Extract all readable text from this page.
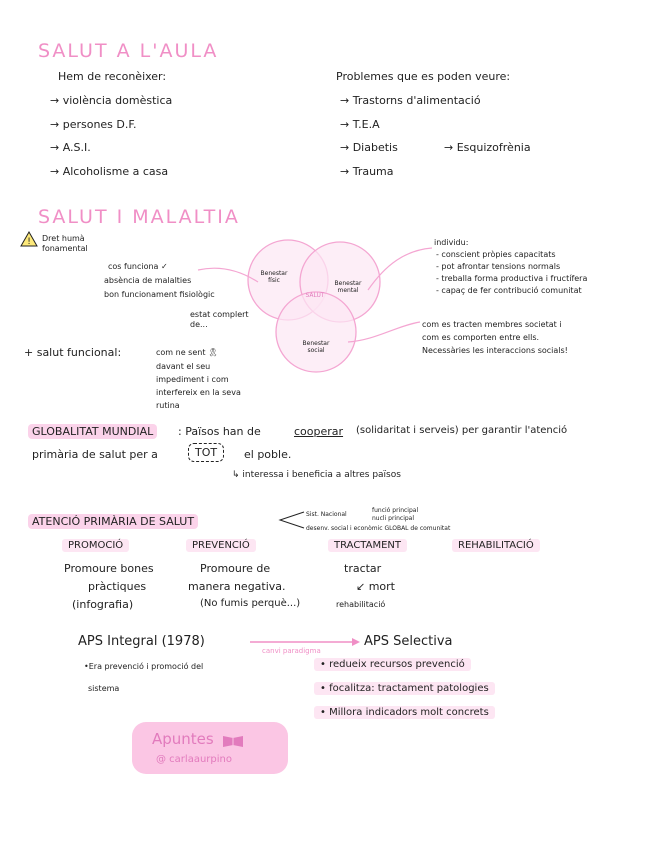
SALUT A L'AULA
Hem de reconèixer:
→ violència domèstica
→ persones D.F.
→ A.S.I.
→ Alcoholisme a casa
Problemes que es poden veure:
→ Trastorns d'alimentació
→ T.E.A
→ Diabetis	→ Esquizofrènia
→ Trauma
SALUT I MALALTIA
! Dret humà fonamental
Benestar físic	Benestar mental
Benestar social
SALUT
cos funciona ✓
absència de malalties
bon funcionament fisiològic
estat complert de...
individu:
- conscient pròpies capacitats
- pot afrontar tensions normals
- treballa forma productiva i fructífera
- capaç de fer contribució comunitat
com es tracten membres societat i
com es comporten entre ells.
Necessàries les interaccions socials!
+ salut funcional:	com ne sent 🎗
davant el seu
impediment i com
interfereix en la seva
rutina
GLOBALITAT MUNDIAL	: Països han de	cooperar (solidaritat i serveis) per garantir l'atenció
primària de salut per a	TOT	el poble.
↳ interessa i beneficia a altres països
ATENCIÓ PRIMÀRIA DE SALUT
Sist. Nacional
funció principal
nucli principal
desenv. social i econòmic GLOBAL de comunitat
PROMOCIÓ	PREVENCIÓ	TRACTAMENT	REHABILITACIÓ
Promoure bones
pràctiques
(infografia)
Promoure de
manera negativa.
(No fumis perquè...)
tractar
↙ mort
rehabilitació
APS Integral (1978)
canvi paradigma
APS Selectiva
•Era prevenció i promoció del
sistema
• redueix recursos prevenció
• focalitza: tractament patologies
• Millora indicadors molt concrets
Apuntes
@ carlaaurpino
